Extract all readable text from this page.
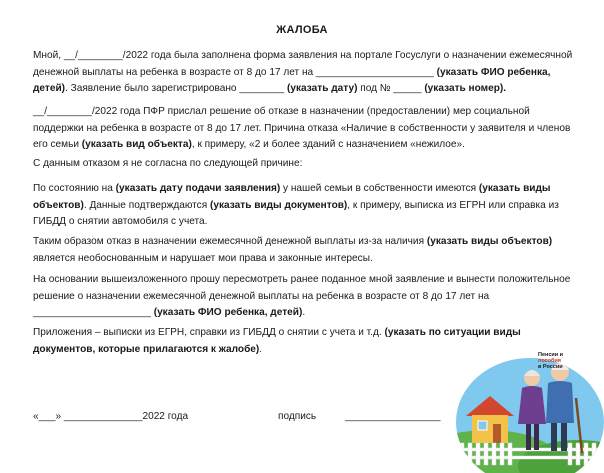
ЖАЛОБА
Мной, __/________/2022 года была заполнена форма заявления на портале Госуслуги о назначении ежемесячной денежной выплаты на ребенка в возрасте от 8 до 17 лет на _____________________ (указать ФИО ребенка, детей). Заявление было зарегистрировано ________ (указать дату) под № _____ (указать номер).
__/________/2022 года ПФР прислал решение об отказе в назначении (предоставлении) мер социальной поддержки на ребенка в возрасте от 8 до 17 лет. Причина отказа «Наличие в собственности у заявителя и членов его семьи (указать вид объекта), к примеру, «2 и более зданий с назначением «нежилое».
С данным отказом я не согласна по следующей причине:
По состоянию на (указать дату подачи заявления) у нашей семьи в собственности имеются (указать виды объектов). Данные подтверждаются (указать виды документов), к примеру, выписка из ЕГРН или справка из ГИБДД о снятии автомобиля с учета.
Таким образом отказ в назначении ежемесячной денежной выплаты из-за наличия (указать виды объектов) является необоснованным и нарушает мои права и законные интересы.
На основании вышеизложенного прошу пересмотреть ранее поданное мной заявление и вынести положительное решение о назначении ежемесячной денежной выплаты на ребенка в возрасте от 8 до 17 лет на _____________________ (указать ФИО ребенка, детей).
Приложения – выписки из ЕГРН, справки из ГИБДД о снятии с учета и т.д. (указать по ситуации виды документов, которые прилагаются к жалобе).
«___» ______________2022 года	подпись	_________________
Пенсии и
пособия
в России
